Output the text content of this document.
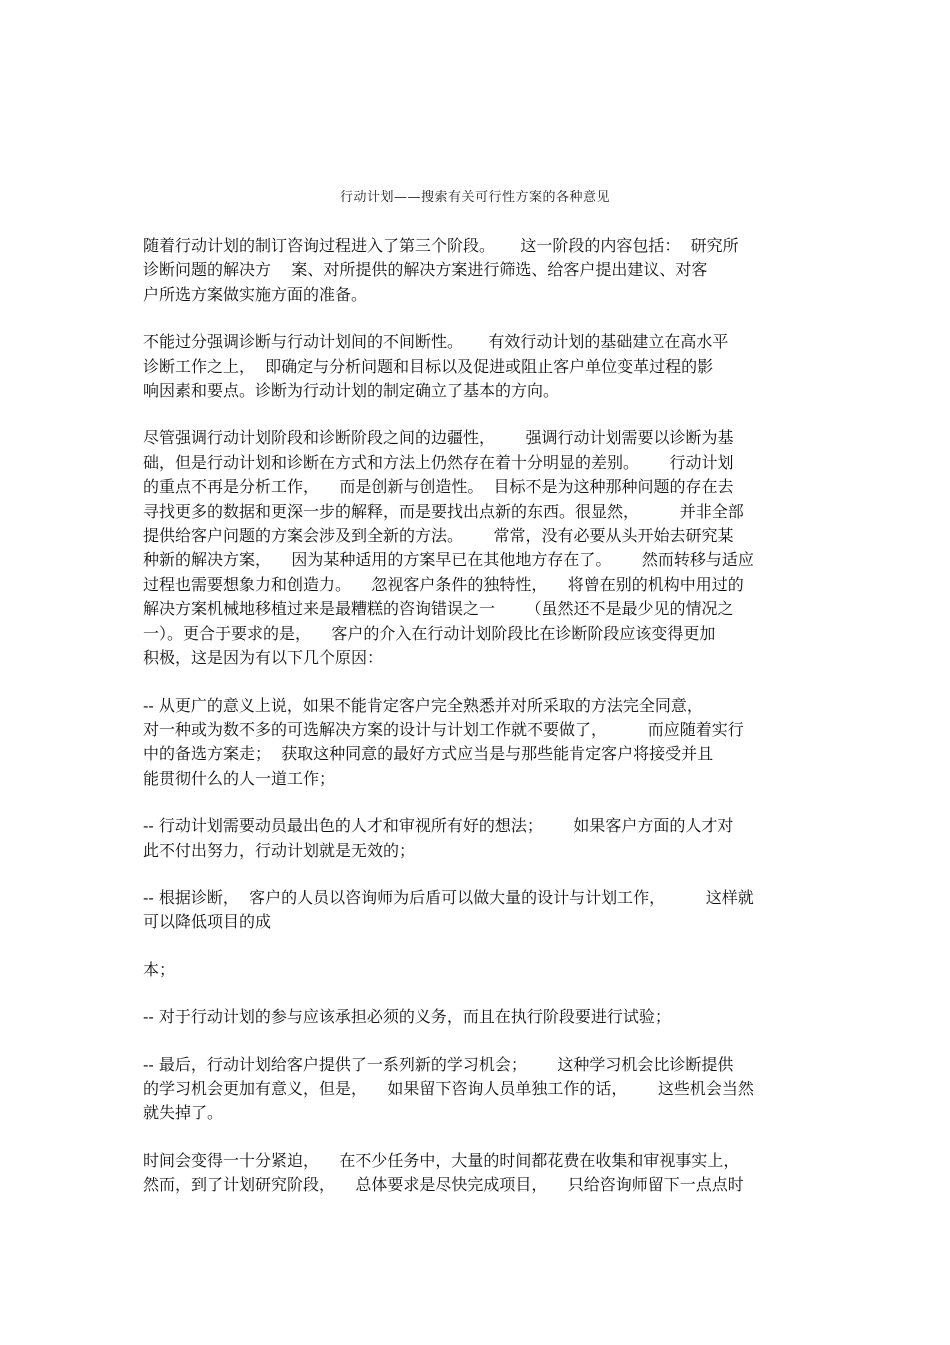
行动计划——搜索有关可行性方案的各种意见
随着行动计划的制订咨询过程进入了第三个阶段。     这一阶段的内容包括：  研究所
诊断问题的解决方    案、对所提供的解决方案进行筛选、给客户提出建议、对客
户所选方案做实施方面的准备。
不能过分强调诊断与行动计划间的不间断性。     有效行动计划的基础建立在高水平
诊断工作之上，  即确定与分析问题和目标以及促进或阻止客户单位变革过程的影
响因素和要点。诊断为行动计划的制定确立了基本的方向。
尽管强调行动计划阶段和诊断阶段之间的边疆性，      强调行动计划需要以诊断为基
础，但是行动计划和诊断在方式和方法上仍然存在着十分明显的差别。      行动计划
的重点不再是分析工作，    而是创新与创造性。  目标不是为这种那种问题的存在去
寻找更多的数据和更深一步的解释，而是要找出点新的东西。很显然，        并非全部
提供给客户问题的方案会涉及到全新的方法。      常常，没有必要从头开始去研究某
种新的解决方案，    因为某种适用的方案早已在其他地方存在了。      然而转移与适应
过程也需要想象力和创造力。    忽视客户条件的独特性，    将曾在别的机构中用过的
解决方案机械地移植过来是最糟糕的咨询错误之一      （虽然还不是最少见的情况之
一）。更合于要求的是，    客户的介入在行动计划阶段比在诊断阶段应该变得更加
积极，这是因为有以下几个原因：
-- 从更广的意义上说，如果不能肯定客户完全熟悉并对所采取的方法完全同意，
对一种或为数不多的可选解决方案的设计与计划工作就不要做了，        而应随着实行
中的备选方案走；  获取这种同意的最好方式应当是与那些能肯定客户将接受并且
能贯彻什么的人一道工作；
-- 行动计划需要动员最出色的人才和审视所有好的想法；      如果客户方面的人才对
此不付出努力，行动计划就是无效的；
-- 根据诊断，  客户的人员以咨询师为后盾可以做大量的设计与计划工作，        这样就
可以降低项目的成
本；
-- 对于行动计划的参与应该承担必须的义务，而且在执行阶段要进行试验；
-- 最后，行动计划给客户提供了一系列新的学习机会；      这种学习机会比诊断提供
的学习机会更加有意义，但是，    如果留下咨询人员单独工作的话，      这些机会当然
就失掉了。
时间会变得一十分紧迫，    在不少任务中，大量的时间都花费在收集和审视事实上，
然而，到了计划研究阶段，    总体要求是尽快完成项目，    只给咨询师留下一点点时
